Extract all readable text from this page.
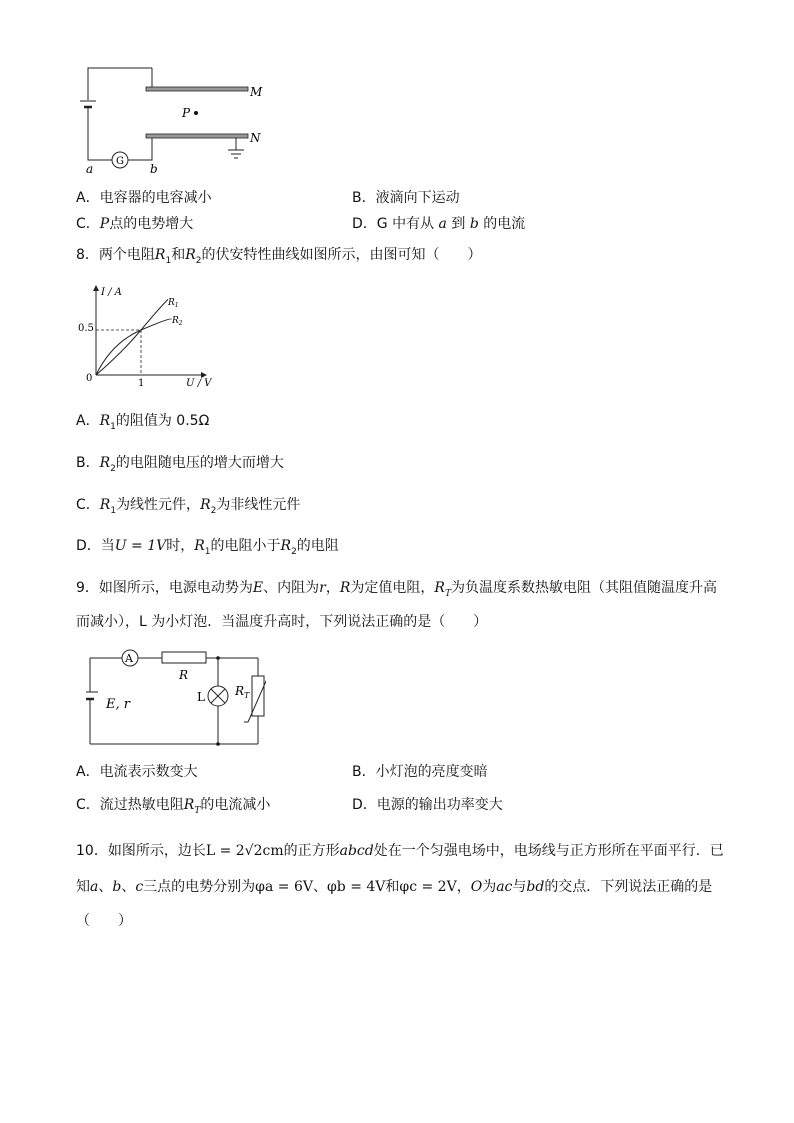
M
N
P
a	b
G
A．电容器的电容减小	B．液滴向下运动
C．P点的电势增大	D．G 中有从 a 到 b 的电流
8．两个电阻$R_1$和$R_2$的伏安特性曲线如图所示，由图可知（　　）
I / A
U / V
0.5
1
0
$R_1$
$R_2$
A．$R_1$的阻值为 0.5Ω
B．$R_2$的电阻随电压的增大而增大
C．$R_1$为线性元件，$R_2$为非线性元件
D．当U = 1V时，$R_1$的电阻小于$R_2$的电阻
9．如图所示，电源电动势为E、内阻为r，R为定值电阻，$R_T$为负温度系数热敏电阻（其阻值随温度升高
而减小），L 为小灯泡．当温度升高时，下列说法正确的是（　　）
A
R
L
E, r
$R_T$
A．电流表示数变大	B．小灯泡的亮度变暗
C．流过热敏电阻$R_T$的电流减小	D．电源的输出功率变大
10．如图所示，边长L = 2√2cm的正方形abcd处在一个匀强电场中，电场线与正方形所在平面平行．已
知a、b、c三点的电势分别为φa = 6V、φb = 4V和φc = 2V，O为ac与bd的交点．下列说法正确的是
（　　）
